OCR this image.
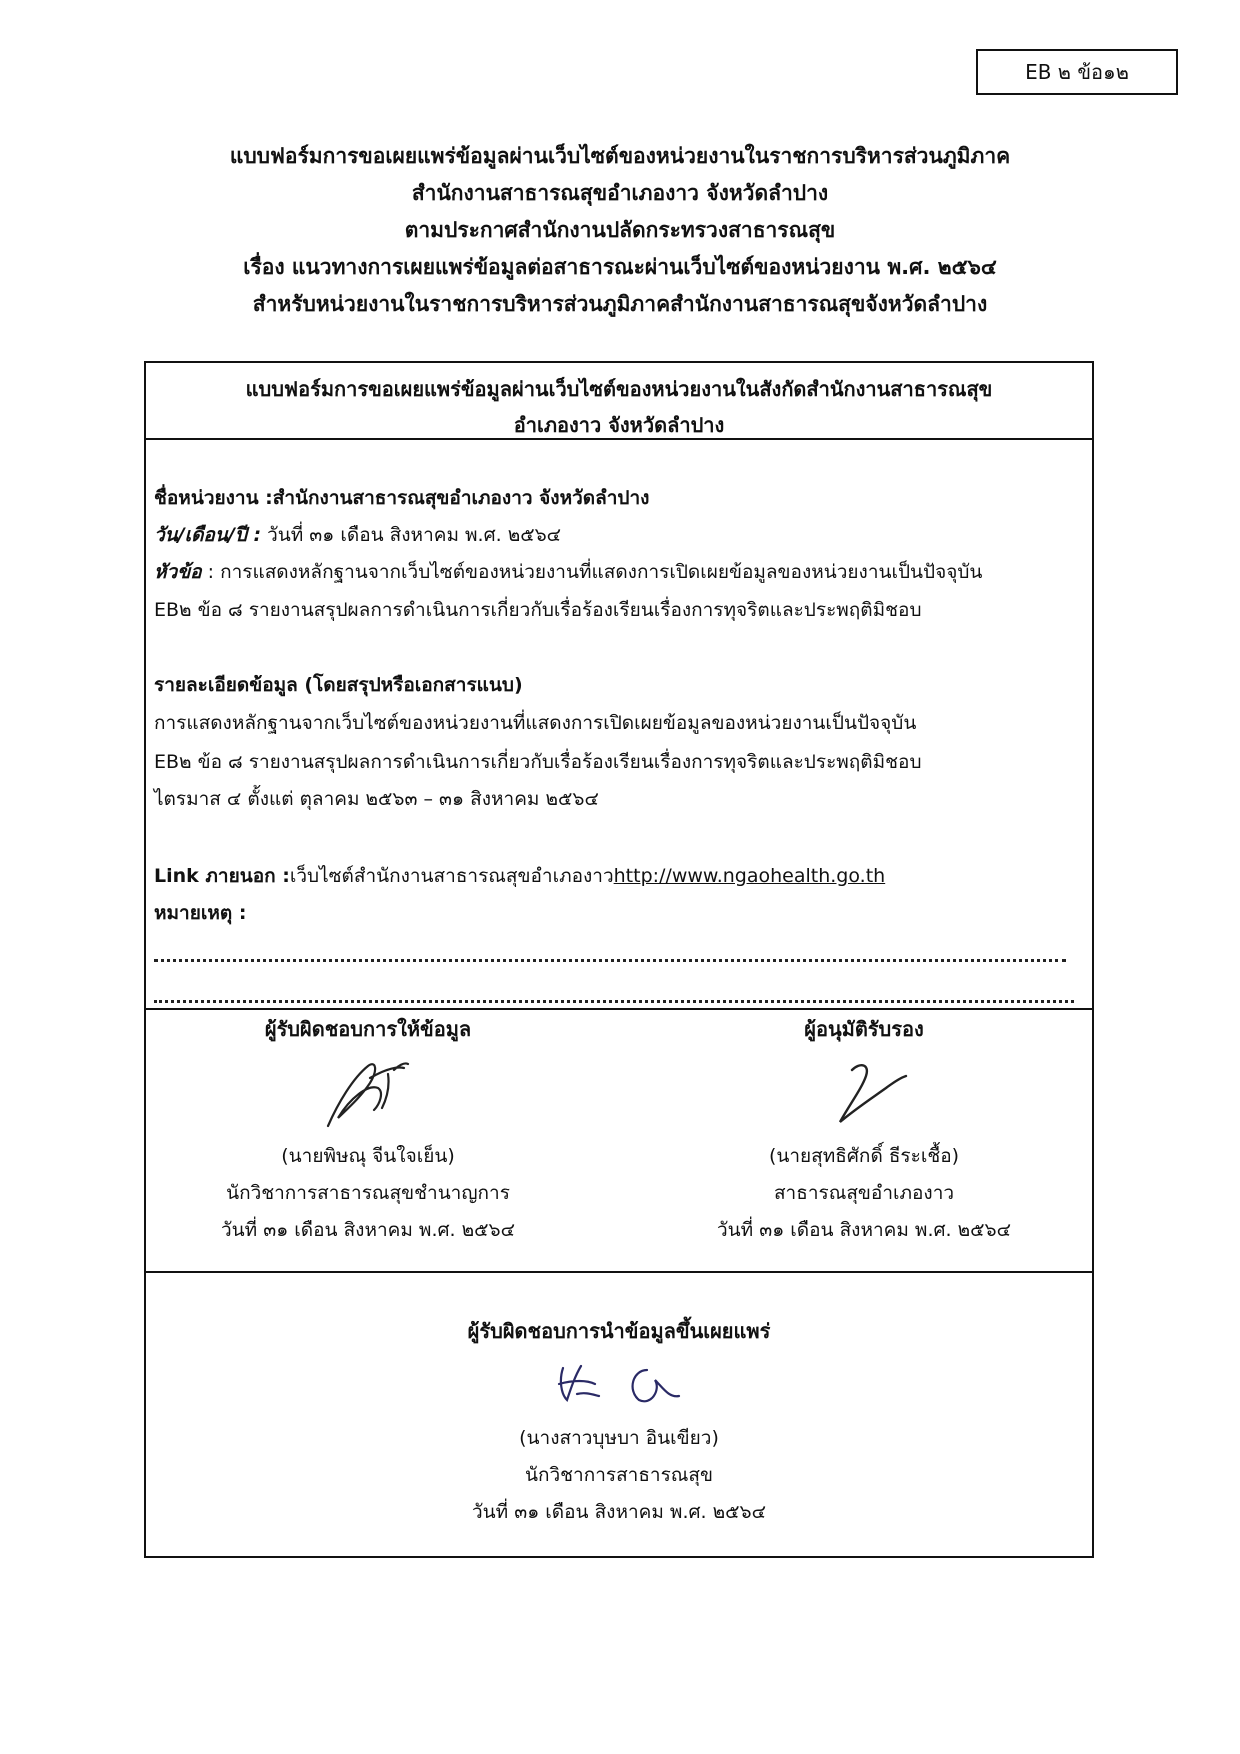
EB ๒ ข้อ๑๒
แบบฟอร์มการขอเผยแพร่ข้อมูลผ่านเว็บไซต์ของหน่วยงานในราชการบริหารส่วนภูมิภาค
สำนักงานสาธารณสุขอำเภองาว จังหวัดลำปาง
ตามประกาศสำนักงานปลัดกระทรวงสาธารณสุข
เรื่อง แนวทางการเผยแพร่ข้อมูลต่อสาธารณะผ่านเว็บไซต์ของหน่วยงาน พ.ศ. ๒๕๖๔
สำหรับหน่วยงานในราชการบริหารส่วนภูมิภาคสำนักงานสาธารณสุขจังหวัดลำปาง
แบบฟอร์มการขอเผยแพร่ข้อมูลผ่านเว็บไซต์ของหน่วยงานในสังกัดสำนักงานสาธารณสุข
อำเภองาว จังหวัดลำปาง
ชื่อหน่วยงาน :สำนักงานสาธารณสุขอำเภองาว จังหวัดลำปาง
วัน/เดือน/ปี : วันที่ ๓๑ เดือน สิงหาคม พ.ศ. ๒๕๖๔
หัวข้อ : การแสดงหลักฐานจากเว็บไซต์ของหน่วยงานที่แสดงการเปิดเผยข้อมูลของหน่วยงานเป็นปัจจุบัน
EB๒ ข้อ ๘ รายงานสรุปผลการดำเนินการเกี่ยวกับเรื่อร้องเรียนเรื่องการทุจริตและประพฤติมิชอบ
รายละเอียดข้อมูล (โดยสรุปหรือเอกสารแนบ)
การแสดงหลักฐานจากเว็บไซต์ของหน่วยงานที่แสดงการเปิดเผยข้อมูลของหน่วยงานเป็นปัจจุบัน
EB๒ ข้อ ๘ รายงานสรุปผลการดำเนินการเกี่ยวกับเรื่อร้องเรียนเรื่องการทุจริตและประพฤติมิชอบ
ไตรมาส ๔ ตั้งแต่ ตุลาคม ๒๕๖๓ – ๓๑ สิงหาคม ๒๕๖๔
Link ภายนอก :เว็บไซต์สำนักงานสาธารณสุขอำเภองาวhttp://www.ngaohealth.go.th
หมายเหตุ :
ผู้รับผิดชอบการให้ข้อมูล
(นายพิษณุ จีนใจเย็น)
นักวิชาการสาธารณสุขชำนาญการ
วันที่ ๓๑ เดือน สิงหาคม พ.ศ. ๒๕๖๔
ผู้อนุมัติรับรอง
(นายสุทธิศักดิ์ ธีระเชื้อ)
สาธารณสุขอำเภองาว
วันที่ ๓๑ เดือน สิงหาคม พ.ศ. ๒๕๖๔
ผู้รับผิดชอบการนำข้อมูลขึ้นเผยแพร่
(นางสาวบุษบา อินเขียว)
นักวิชาการสาธารณสุข
วันที่ ๓๑ เดือน สิงหาคม พ.ศ. ๒๕๖๔
